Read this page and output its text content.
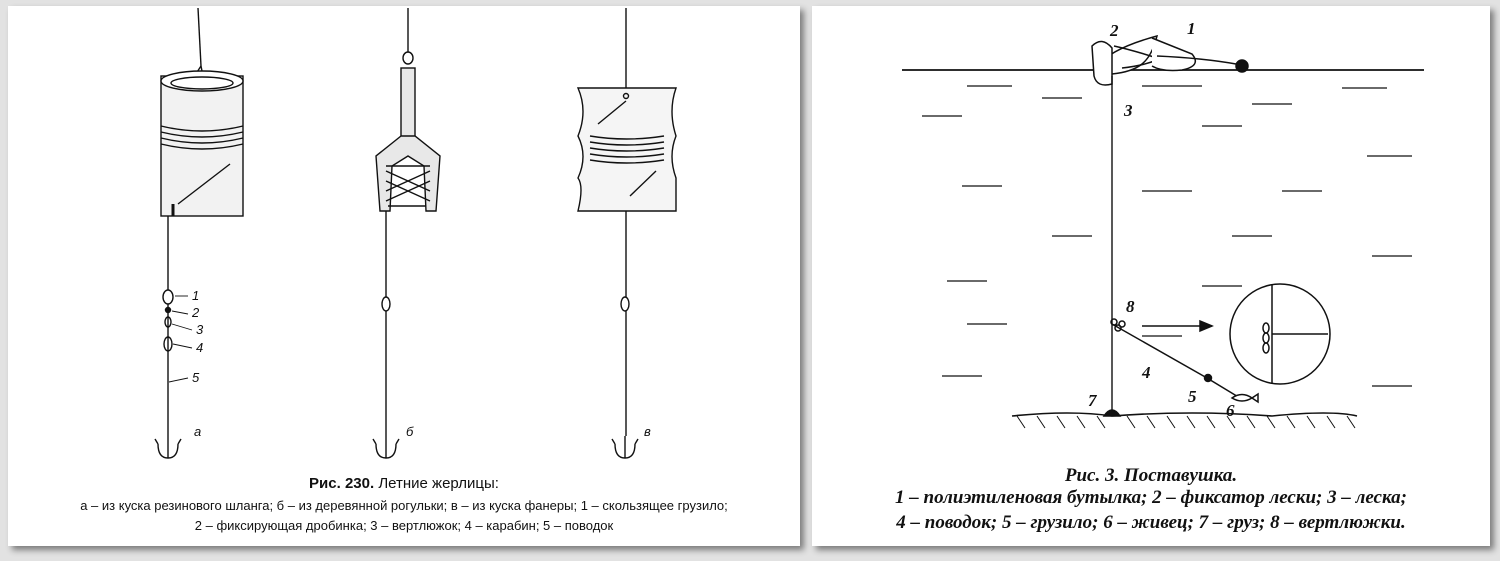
1
2
3
4
5
а	б	в
Рис. 230. Летние жерлицы:
а – из куска резинового шланга; б – из деревянной рогульки; в – из куска фанеры; 1 – скользящее грузило;
2 – фиксирующая дробинка; 3 – вертлюжок; 4 – карабин; 5 – поводок
1
2
3
4
5
6
7
8
Рис. 3. Поставушка.
1 – полиэтиленовая бутылка; 2 – фиксатор лески; 3 – леска;
4 – поводок; 5 – грузило; 6 – живец; 7 – груз; 8 – вертлюжки.
